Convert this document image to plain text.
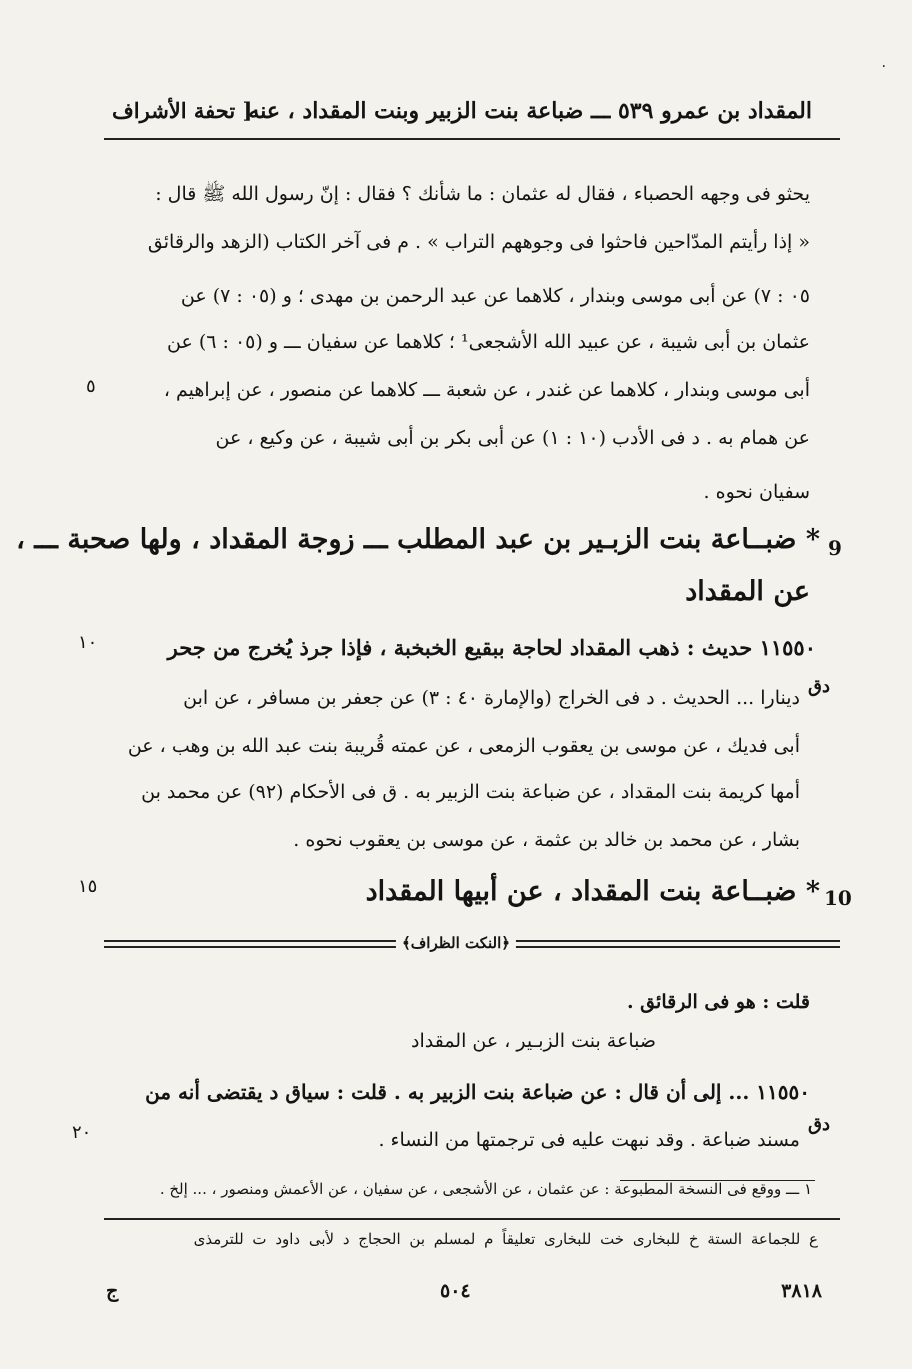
المقداد بن عمرو ٥٣٩ ـــ ضباعة بنت الزبير وبنت المقداد ، عنه
[ تحفة الأشراف
٠
يحثو فى وجهه الحصباء ، فقال له عثمان : ما شأنك ؟ فقال : إنّ رسول الله ﷺ قال :
« إذا رأيتم المدّاحين فاحثوا فى وجوههم التراب » . م فى آخر الكتاب (الزهد والرقائق
٠٥ : ٧) عن أبى موسى وبندار ، كلاهما عن عبد الرحمن بن مهدى ؛ و (٠٥ : ٧) عن
عثمان بن أبى شيبة ، عن عبيد الله الأشجعى¹ ؛ كلاهما عن سفيان ـــ و (٠٥ : ٦) عن
أبى موسى وبندار ، كلاهما عن غندر ، عن شعبة ـــ كلاهما عن منصور ، عن إبراهيم ،
عن همام به . د فى الأدب (١٠ : ١) عن أبى بكر بن أبى شيبة ، عن وكيع ، عن
سفيان نحوه .
٥
9
* ضبــاعة بنت الزبـير بن عبد المطلب ـــ زوجة المقداد ، ولها صحبة ـــ ،
عن المقداد
١٠	١١٥٥٠ حديث : ذهب المقداد لحاجة ببقيع الخبخبة ، فإذا جرذ يُخرج من جحر
دق
دينارا ... الحديث . د فى الخراج (والإمارة ٤٠ : ٣) عن جعفر بن مسافر ، عن ابن
أبى فديك ، عن موسى بن يعقوب الزمعى ، عن عمته قُريبة بنت عبد الله بن وهب ، عن
أمها كريمة بنت المقداد ، عن ضباعة بنت الزبير به . ق فى الأحكام (٩٢) عن محمد بن
بشار ، عن محمد بن خالد بن عثمة ، عن موسى بن يعقوب نحوه .
١٥	10
* ضبــاعة بنت المقداد ، عن أبيها المقداد
﴿النكت الظراف﴾
قلت : هو فى الرقائق .
ضباعة بنت الزبـير ، عن المقداد
١١٥٥٠ ... إلى أن قال : عن ضباعة بنت الزبير به . قلت : سياق د يقتضى أنه من
دق
٢٠	مسند ضباعة . وقد نبهت عليه فى ترجمتها من النساء .
١ ـــ ووقع فى النسخة المطبوعة : عن عثمان ، عن الأشجعى ، عن سفيان ، عن الأعمش ومنصور ، ... إلخ .
ع للجماعة الستة خ للبخارى خت للبخارى تعليقاً م لمسلم بن الحجاج د لأبى داود ت للترمذى
٣٨١٨
٥٠٤
ج
